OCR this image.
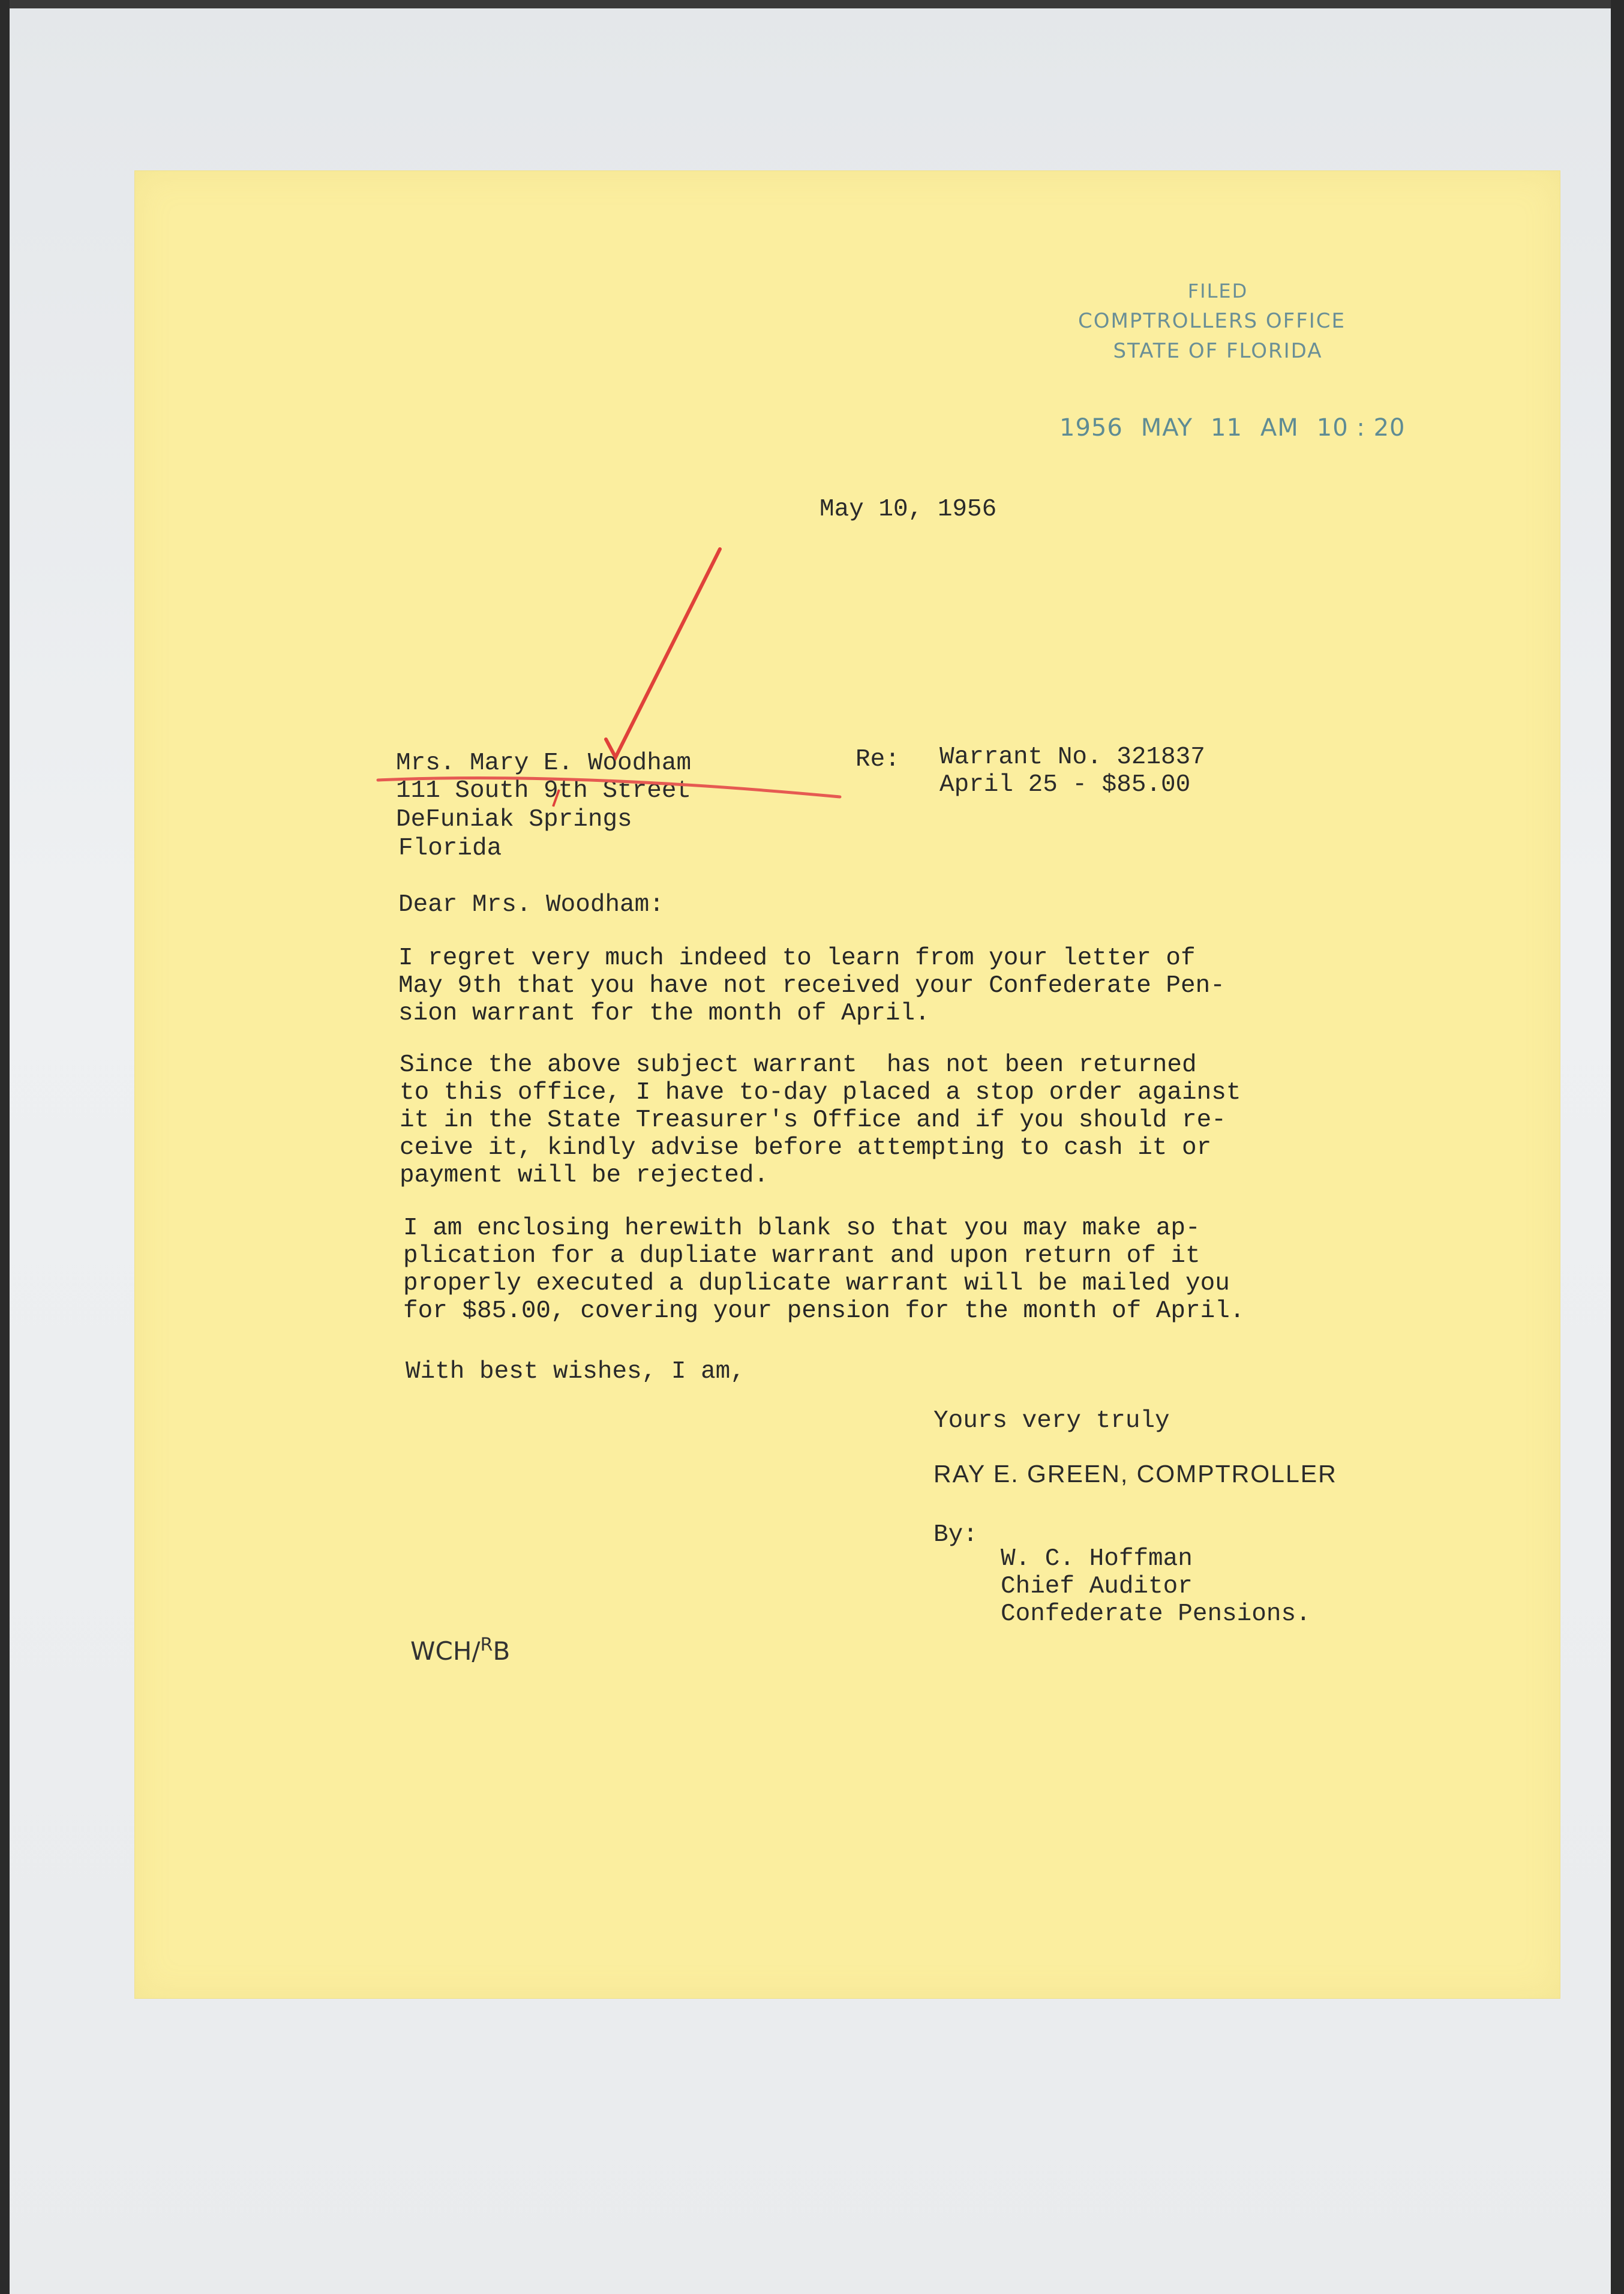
FILED
COMPTROLLERS OFFICE
STATE OF FLORIDA
1956 MAY 11 AM 10 : 20
May 10, 1956
Mrs. Mary E. Woodham
111 South 9th Street
DeFuniak Springs
Florida
Re: Warrant No. 321837
April 25 - $85.00
Dear Mrs. Woodham:
I regret very much indeed to learn from your letter of
May 9th that you have not received your Confederate Pen-
sion warrant for the month of April.
Since the above subject warrant  has not been returned
to this office, I have to-day placed a stop order against
it in the State Treasurer's Office and if you should re-
ceive it, kindly advise before attempting to cash it or
payment will be rejected.
I am enclosing herewith blank so that you may make ap-
plication for a dupliate warrant and upon return of it
properly executed a duplicate warrant will be mailed you
for $85.00, covering your pension for the month of April.
With best wishes, I am,
Yours very truly
RAY E. GREEN, COMPTROLLER
By:
W. C. Hoffman
Chief Auditor
Confederate Pensions.
WCH/$^R$B
